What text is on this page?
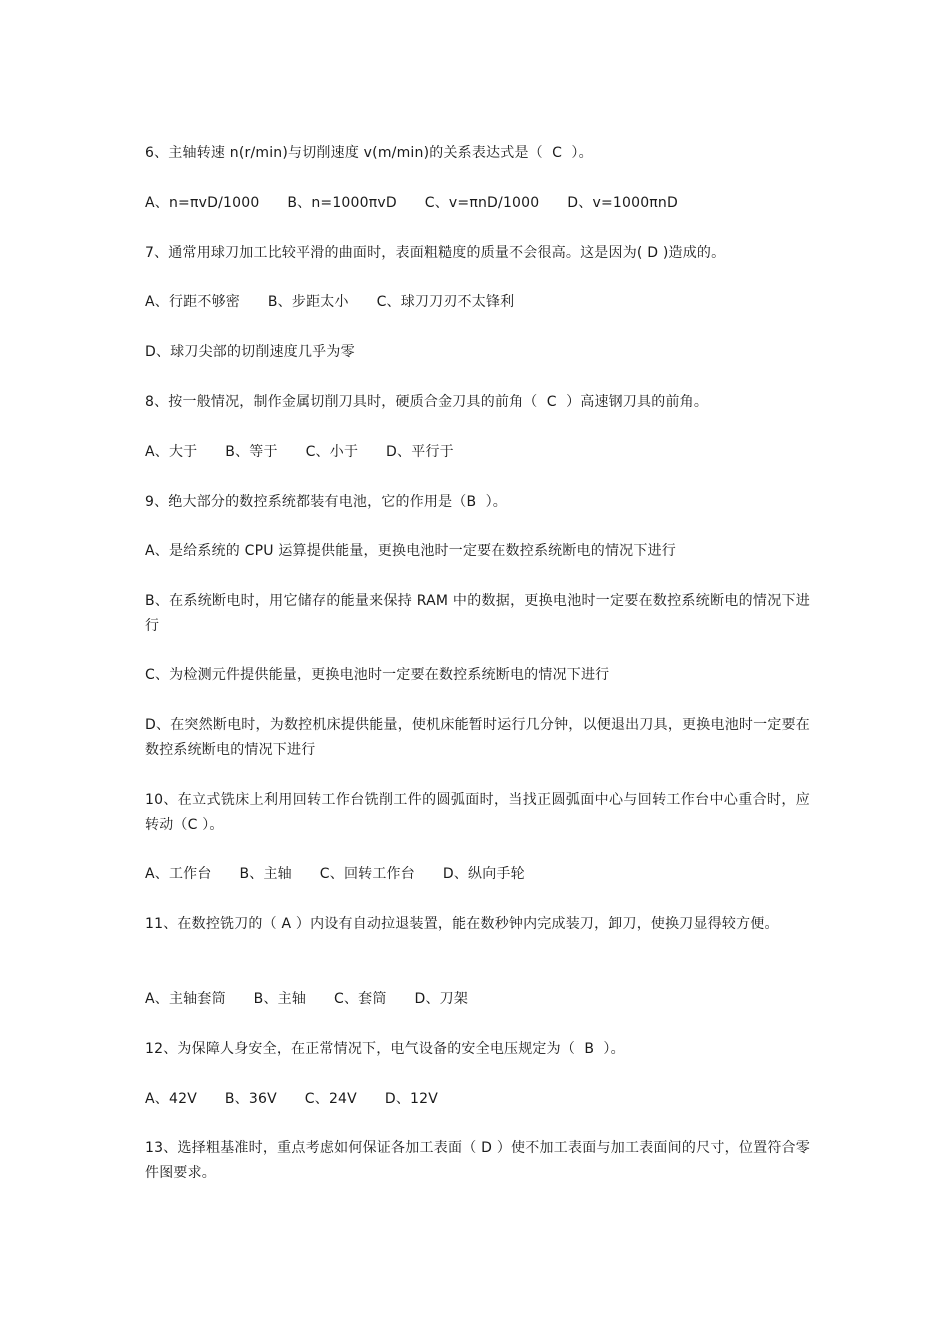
6、主轴转速 n(r/min)与切削速度 v(m/min)的关系表达式是（  C  ）。
A、n=πvD/1000      B、n=1000πvD      C、v=πnD/1000      D、v=1000πnD
7、通常用球刀加工比较平滑的曲面时，表面粗糙度的质量不会很高。这是因为( D )造成的。
A、行距不够密      B、步距太小      C、球刀刀刃不太锋利
D、球刀尖部的切削速度几乎为零
8、按一般情况，制作金属切削刀具时，硬质合金刀具的前角（  C  ）高速钢刀具的前角。
A、大于      B、等于      C、小于      D、平行于
9、绝大部分的数控系统都装有电池，它的作用是（B  ）。
A、是给系统的 CPU 运算提供能量，更换电池时一定要在数控系统断电的情况下进行
B、在系统断电时，用它储存的能量来保持 RAM 中的数据，更换电池时一定要在数控系统断电的情况下进行
C、为检测元件提供能量，更换电池时一定要在数控系统断电的情况下进行
D、在突然断电时，为数控机床提供能量，使机床能暂时运行几分钟，以便退出刀具，更换电池时一定要在数控系统断电的情况下进行
10、在立式铣床上利用回转工作台铣削工件的圆弧面时，当找正圆弧面中心与回转工作台中心重合时，应转动（C ）。
A、工作台      B、主轴      C、回转工作台      D、纵向手轮
11、在数控铣刀的（ A ）内设有自动拉退装置，能在数秒钟内完成装刀，卸刀，使换刀显得较方便。
A、主轴套筒      B、主轴      C、套筒      D、刀架
12、为保障人身安全，在正常情况下，电气设备的安全电压规定为（  B  ）。
A、42V      B、36V      C、24V      D、12V
13、选择粗基准时，重点考虑如何保证各加工表面（ D ）使不加工表面与加工表面间的尺寸，位置符合零件图要求。
